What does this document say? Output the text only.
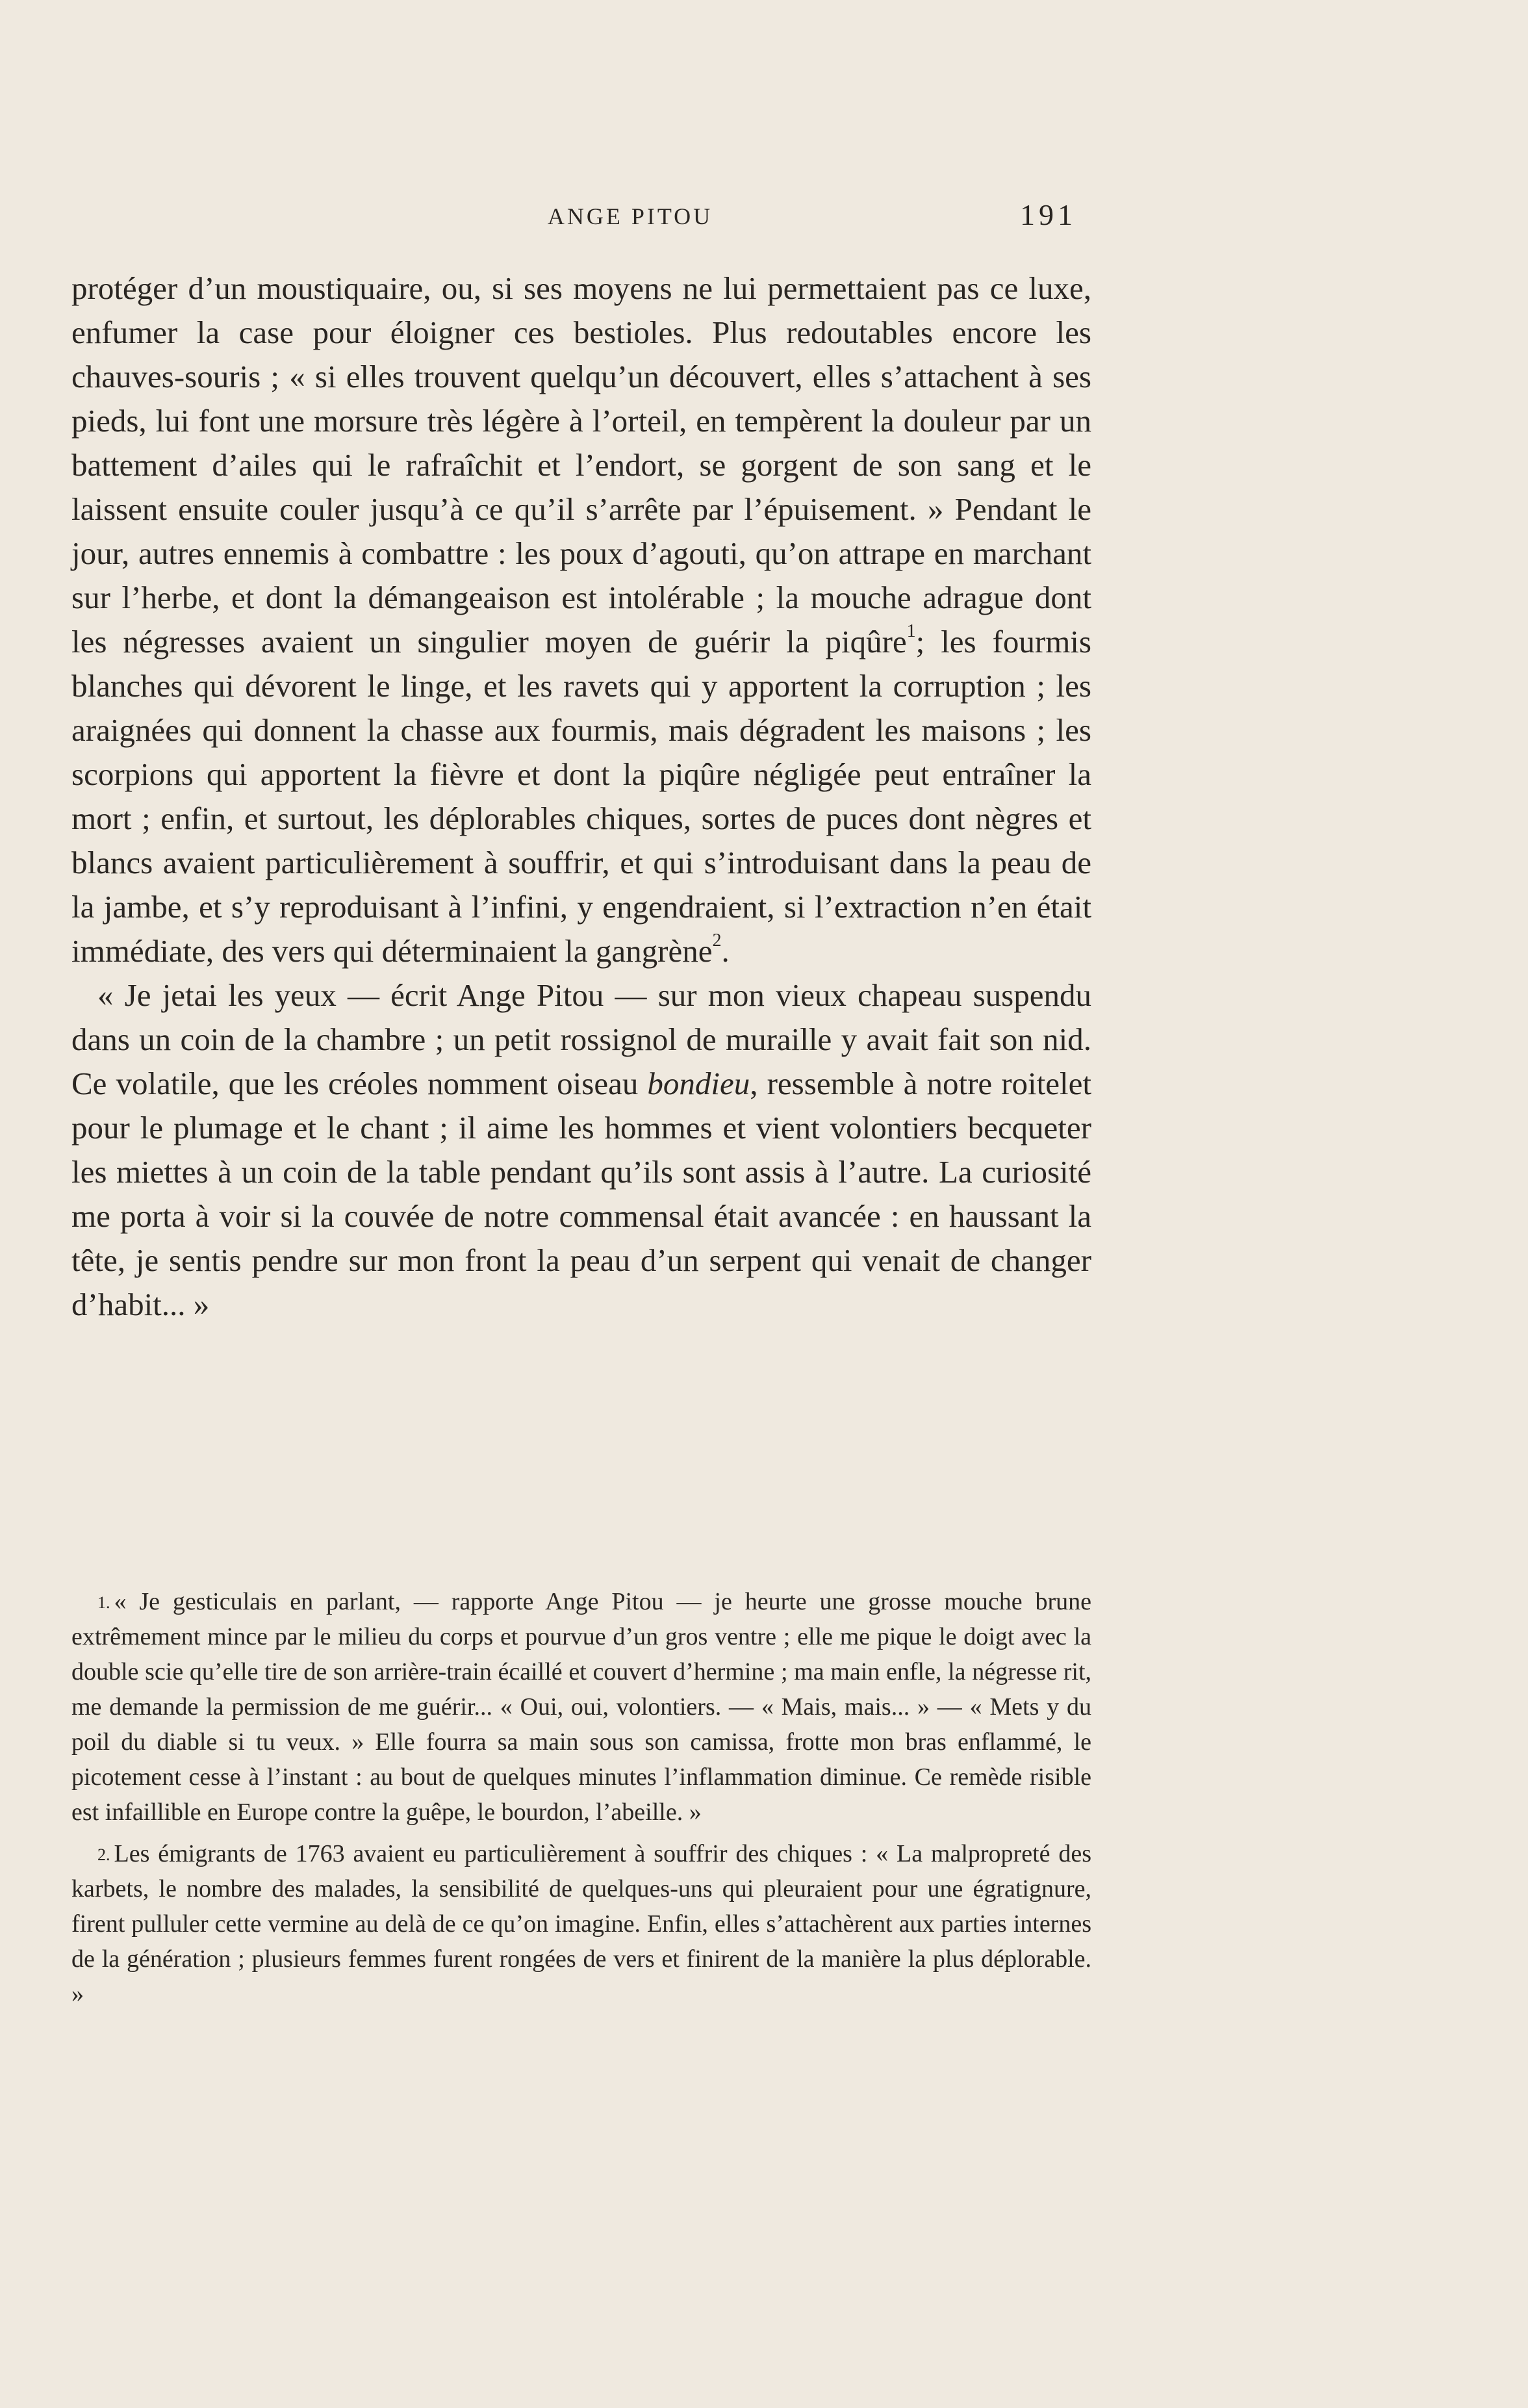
ANGE PITOU	191

protéger d’un moustiquaire, ou, si ses moyens ne lui permettaient pas ce luxe, enfumer la case pour éloigner ces bestioles. Plus redoutables encore les chauves-souris ; « si elles trouvent quelqu’un découvert, elles s’attachent à ses pieds, lui font une morsure très légère à l’orteil, en tempèrent la douleur par un battement d’ailes qui le rafraîchit et l’endort, se gorgent de son sang et le laissent ensuite couler jusqu’à ce qu’il s’arrête par l’épuisement. » Pendant le jour, autres ennemis à combattre : les poux d’agouti, qu’on attrape en marchant sur l’herbe, et dont la démangeaison est intolérable ; la mouche adrague dont les négresses avaient un singulier moyen de guérir la piqûre$^1$; les fourmis blanches qui dévorent le linge, et les ravets qui y apportent la corruption ; les araignées qui donnent la chasse aux fourmis, mais dégradent les maisons ; les scorpions qui apportent la fièvre et dont la piqûre négligée peut entraîner la mort ; enfin, et surtout, les déplorables chiques, sortes de puces dont nègres et blancs avaient particulièrement à souffrir, et qui s’introduisant dans la peau de la jambe, et s’y reproduisant à l’infini, y engendraient, si l’extraction n’en était immédiate, des vers qui déterminaient la gangrène$^2$.

« Je jetai les yeux — écrit Ange Pitou — sur mon vieux chapeau suspendu dans un coin de la chambre ; un petit rossignol de muraille y avait fait son nid. Ce volatile, que les créoles nomment oiseau bondieu, ressemble à notre roitelet pour le plumage et le chant ; il aime les hommes et vient volontiers becqueter les miettes à un coin de la table pendant qu’ils sont assis à l’autre. La curiosité me porta à voir si la couvée de notre commensal était avancée : en haussant la tête, je sentis pendre sur mon front la peau d’un serpent qui venait de changer d’habit... »

$^{1.}$ « Je gesticulais en parlant, — rapporte Ange Pitou — je heurte une grosse mouche brune extrêmement mince par le milieu du corps et pourvue d’un gros ventre ; elle me pique le doigt avec la double scie qu’elle tire de son arrière-train écaillé et couvert d’hermine ; ma main enfle, la négresse rit, me demande la permission de me guérir... « Oui, oui, volontiers. — « Mais, mais... » — « Mets y du poil du diable si tu veux. » Elle fourra sa main sous son camissa, frotte mon bras enflammé, le picotement cesse à l’instant : au bout de quelques minutes l’inflammation diminue. Ce remède risible est infaillible en Europe contre la guêpe, le bourdon, l’abeille. »

$^{2.}$ Les émigrants de 1763 avaient eu particulièrement à souffrir des chiques : « La malpropreté des karbets, le nombre des malades, la sensibilité de quelques-uns qui pleuraient pour une égratignure, firent pulluler cette vermine au delà de ce qu’on imagine. Enfin, elles s’attachèrent aux parties internes de la génération ; plusieurs femmes furent rongées de vers et finirent de la manière la plus déplorable. »
